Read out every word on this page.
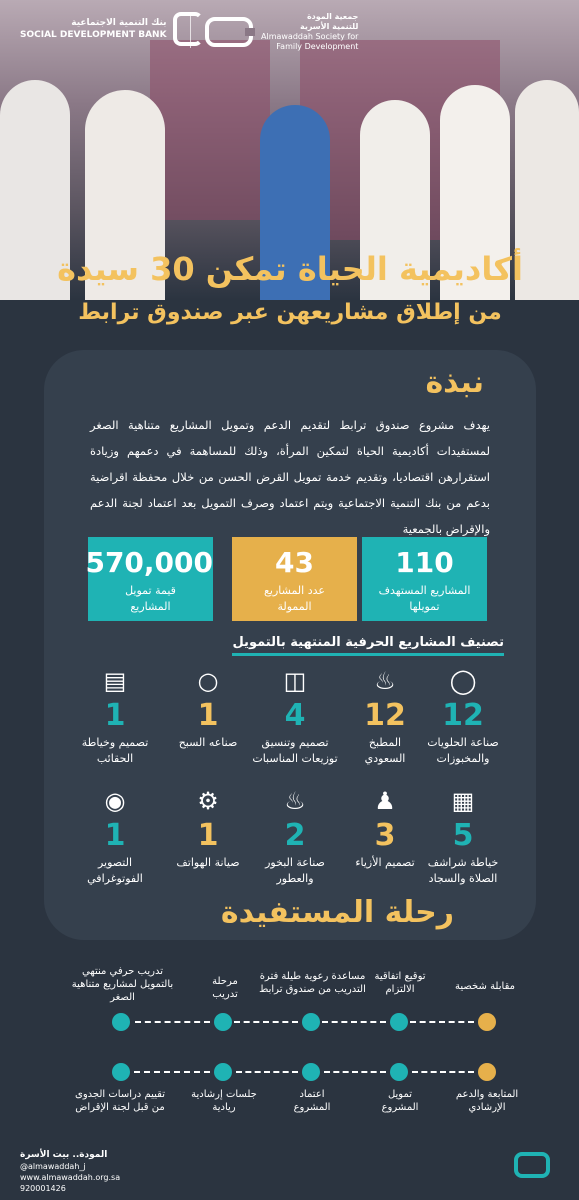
بنك التنمية الاجتماعية
SOCIAL DEVELOPMENT BANK
جمعية المودة
للتنمية الأسرية
Almawaddah Society for
Family Development
أكاديمية الحياة تمكن 30 سيدة
من إطلاق مشاريعهن عبر صندوق ترابط
نبذة
يهدف مشروع صندوق ترابط لتقديم الدعم وتمويل المشاريع متناهية الصغر لمستفيدات أكاديمية الحياة لتمكين المرأة، وذلك للمساهمة في دعمهم وزيادة استقرارهن اقتصاديا، وتقديم خدمة تمويل القرض الحسن من خلال محفظة اقراضية بدعم من بنك التنمية الاجتماعية ويتم اعتماد وصرف التمويل بعد اعتماد لجنة الدعم والإقراض بالجمعية
110
المشاريع المستهدف
تمويلها
43
عدد المشاريع
الممولة
570,000
قيمة تمويل
المشاريع
تصنيف المشاريع الحرفية المنتهية بالتمويل
◯
12
صناعة الحلويات
والمخبوزات
♨
12
المطبخ
السعودي
◫
4
تصميم وتنسيق
توزيعات المناسبات
○
1
صناعه السبح
▤
1
تصميم وخياطة
الحقائب
▦
5
خياطة شراشف
الصلاة والسجاد
♟
3
تصميم الأزياء
♨
2
صناعة البخور
والعطور
⚙
1
صيانة الهواتف
◉
1
التصوير
الفوتوغرافي
رحلة المستفيدة
مقابلة شخصية
توقيع اتفاقية
الالتزام
مساعدة رعوية طيلة فترة
التدريب من صندوق ترابط
مرحلة
تدريب
تدريب حرفي منتهي
بالتمويل لمشاريع متناهية الصغر
المتابعة والدعم
الإرشادي
تمويل
المشروع
اعتماد
المشروع
جلسات إرشادية
ريادية
تقييم دراسات الجدوى
من قبل لجنة الإقراض
المودة.. بيت الأسرة
@almawaddah_j
www.almawaddah.org.sa
920001426
